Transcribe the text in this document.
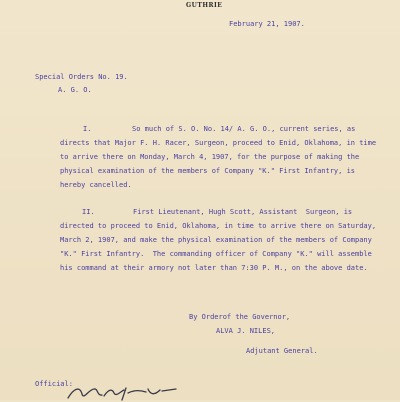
GUTHRIE
February 21, 1907.
Special Orders No. 19.
A. G. O.
I.	So much of S. O. No. 14/ A. G. O., current series, as
directs that Major F. H. Racer, Surgeon, proceed to Enid, Oklahoma, in time
to arrive there on Monday, March 4, 1907, for the purpose of making the
physical examination of the members of Company "K." First Infantry, is
hereby cancelled.
II.	First Lieutenant, Hugh Scott, Assistant  Surgeon, is
directed to proceed to Enid, Oklahoma, in time to arrive there on Saturday,
March 2, 1907, and make the physical examination of the members of Company
"K." First Infantry.  The commanding officer of Company "K." will assemble
his command at their armory not later than 7:30 P. M., on the above date.
By Orderof the Governor,
ALVA J. NILES,
Adjutant General.
Official:
